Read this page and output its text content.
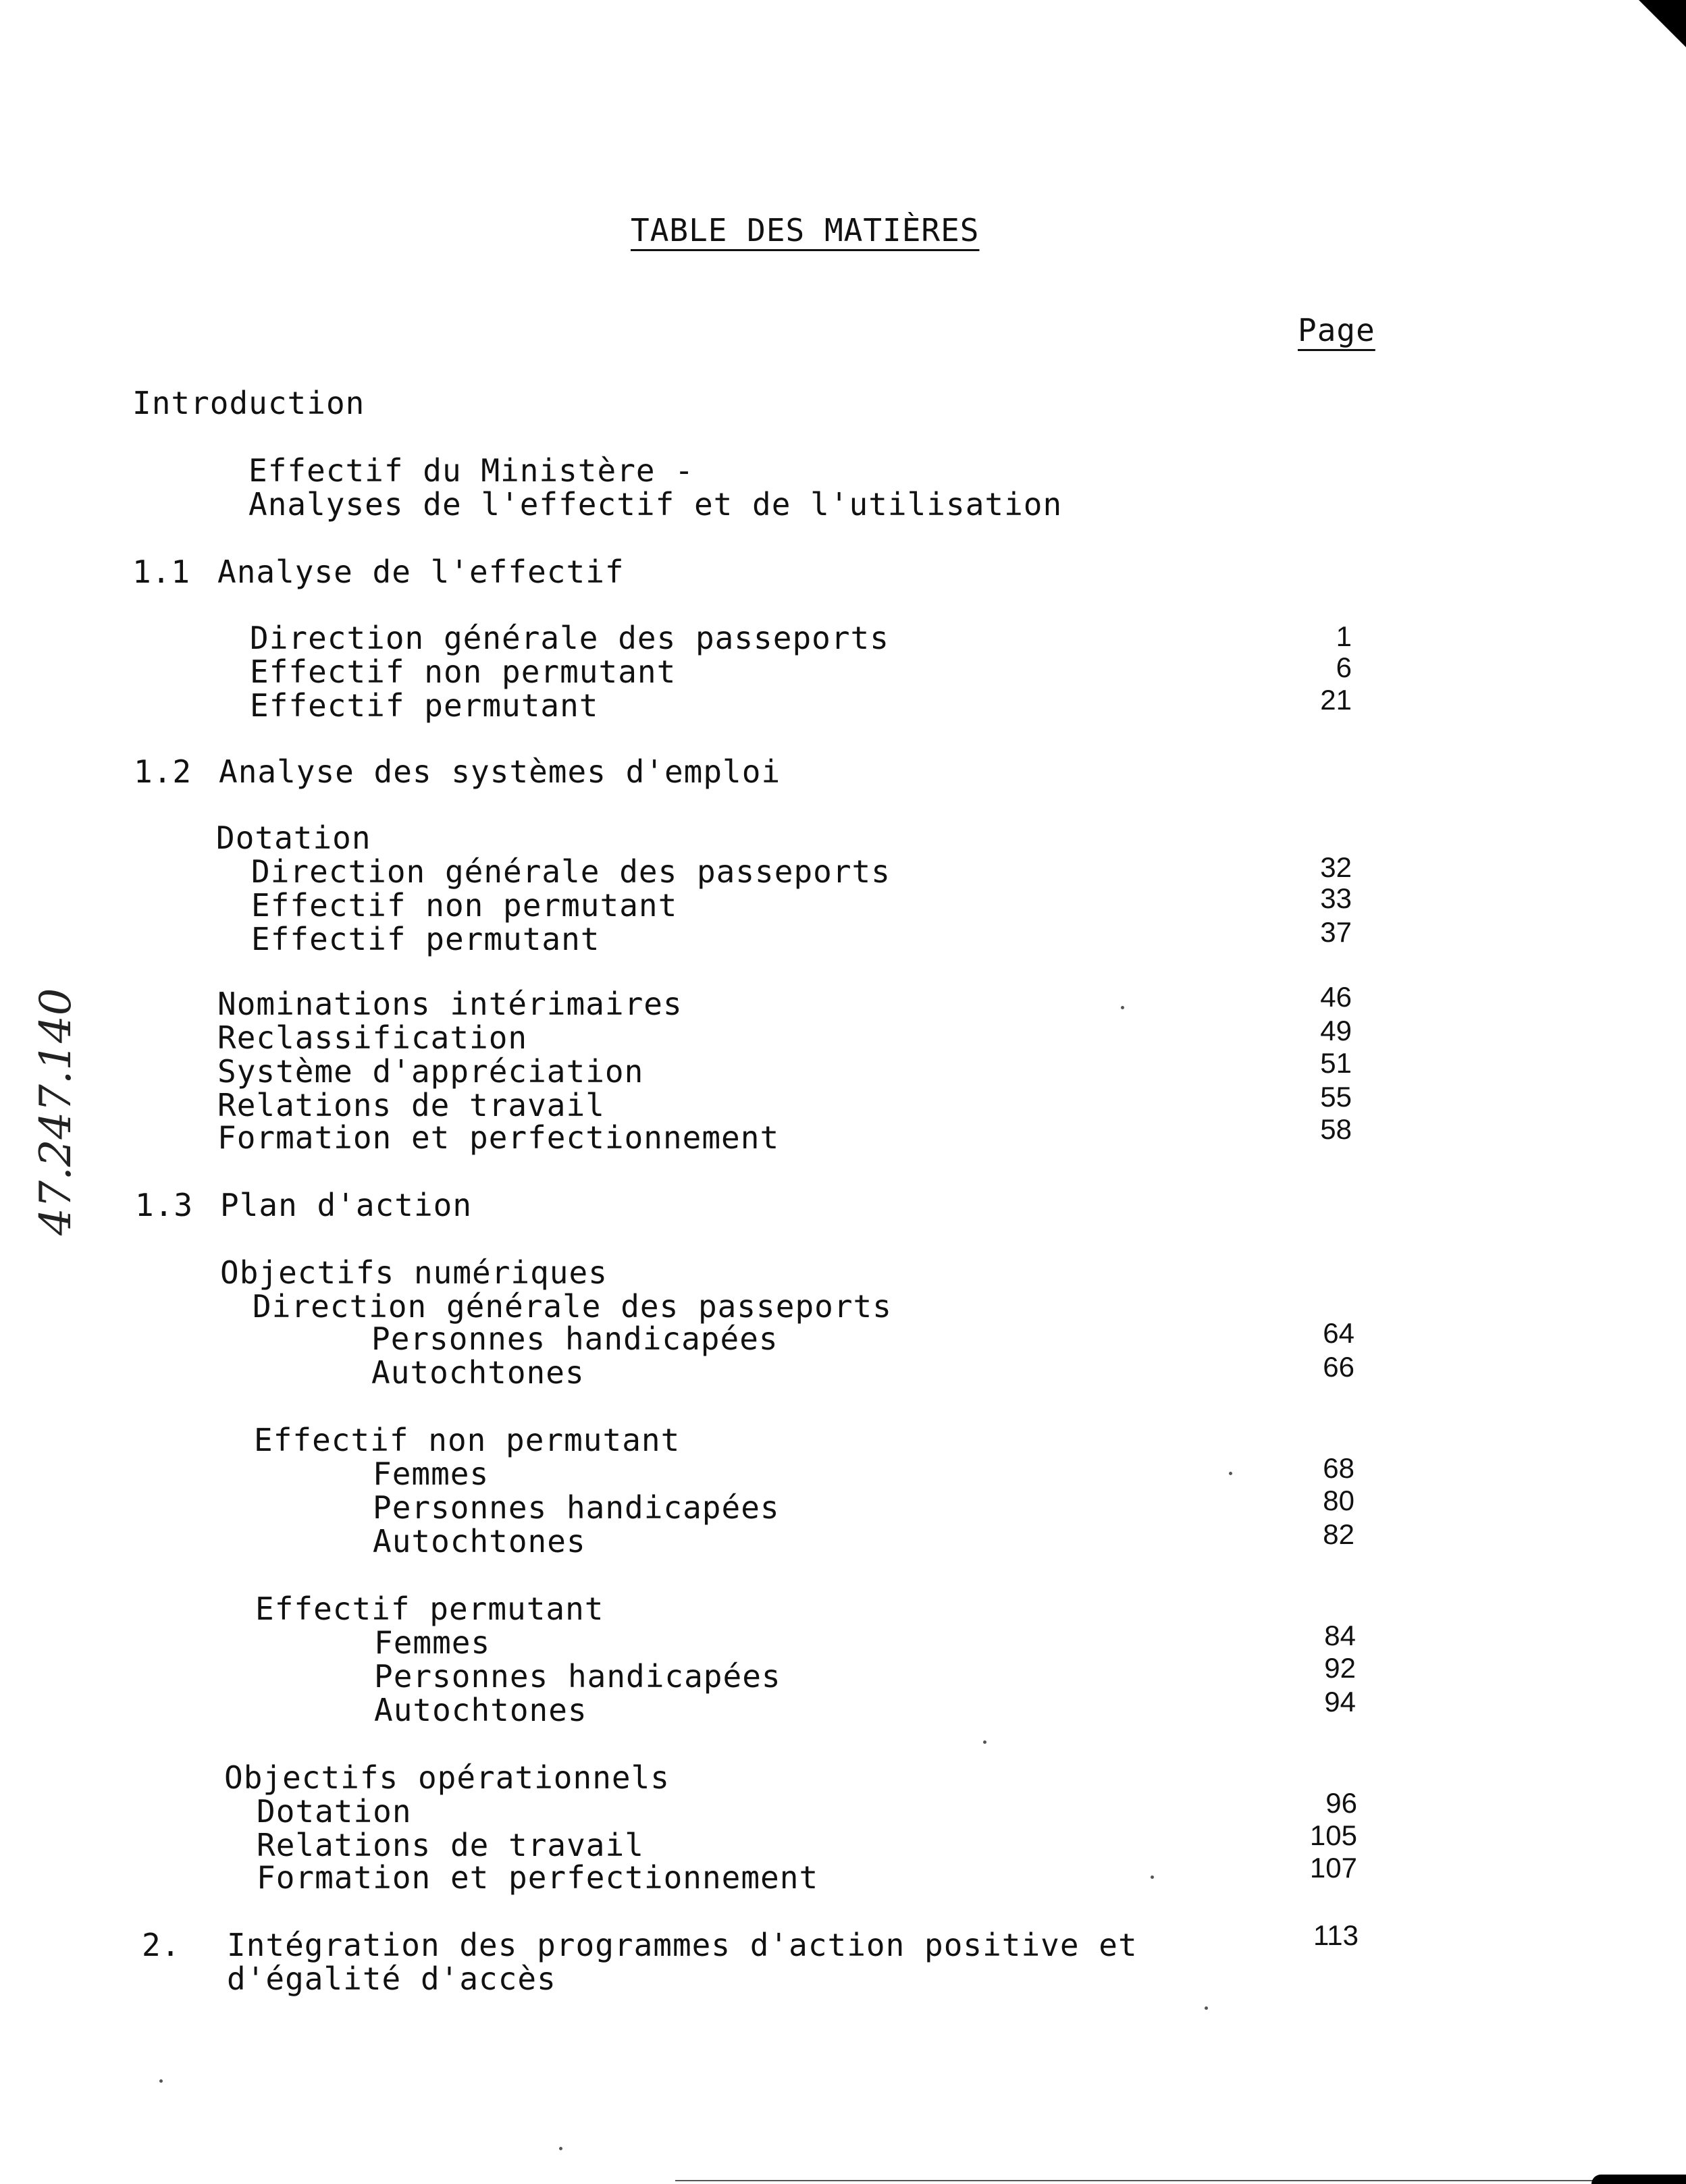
TABLE DES MATIÈRES
Page
Introduction
Effectif du Ministère -
Analyses de l'effectif et de l'utilisation
1.1 Analyse de l'effectif
Direction générale des passeports	1
Effectif non permutant	6
Effectif permutant	21
1.2 Analyse des systèmes d'emploi
Dotation
Direction générale des passeports	32
Effectif non permutant	33
Effectif permutant	37
Nominations intérimaires	46
Reclassification	49
Système d'appréciation	51
Relations de travail	55
Formation et perfectionnement	58
1.3 Plan d'action
Objectifs numériques
Direction générale des passeports
Personnes handicapées	64
Autochtones	66
Effectif non permutant
Femmes	68
Personnes handicapées	80
Autochtones	82
Effectif permutant
Femmes	84
Personnes handicapées	92
Autochtones	94
Objectifs opérationnels
Dotation	96
Relations de travail	105
Formation et perfectionnement	107
2. Intégration des programmes d'action positive et	113
d'égalité d'accès
47.247.140
